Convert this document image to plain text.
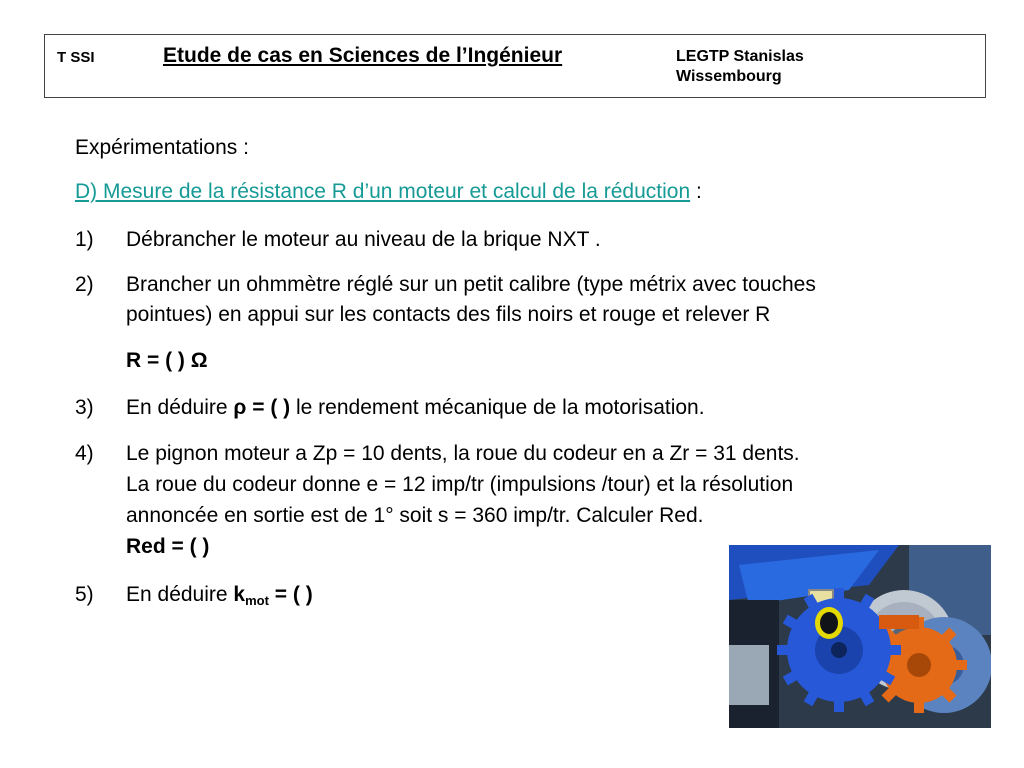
T SSI	Etude de cas en Sciences de l’Ingénieur	LEGTP Stanislas
Wissembourg
Expérimentations :
D) Mesure de la résistance R d’un moteur et calcul de la réduction :
1) Débrancher le moteur au niveau de la brique NXT .
2) Brancher un ohmmètre réglé sur un petit calibre (type métrix avec touches
pointues) en appui sur les contacts des fils noirs et rouge et relever R
R = ( ) Ω
3) En déduire ρ = ( ) le rendement mécanique de la motorisation.
4) Le pignon moteur a Zp = 10 dents, la roue du codeur en a Zr = 31 dents.
La roue du codeur donne e = 12 imp/tr (impulsions /tour) et la résolution
annoncée en sortie est de 1° soit s = 360 imp/tr. Calculer Red.
Red = ( )
5) En déduire $k_{mot}$ = ( )
